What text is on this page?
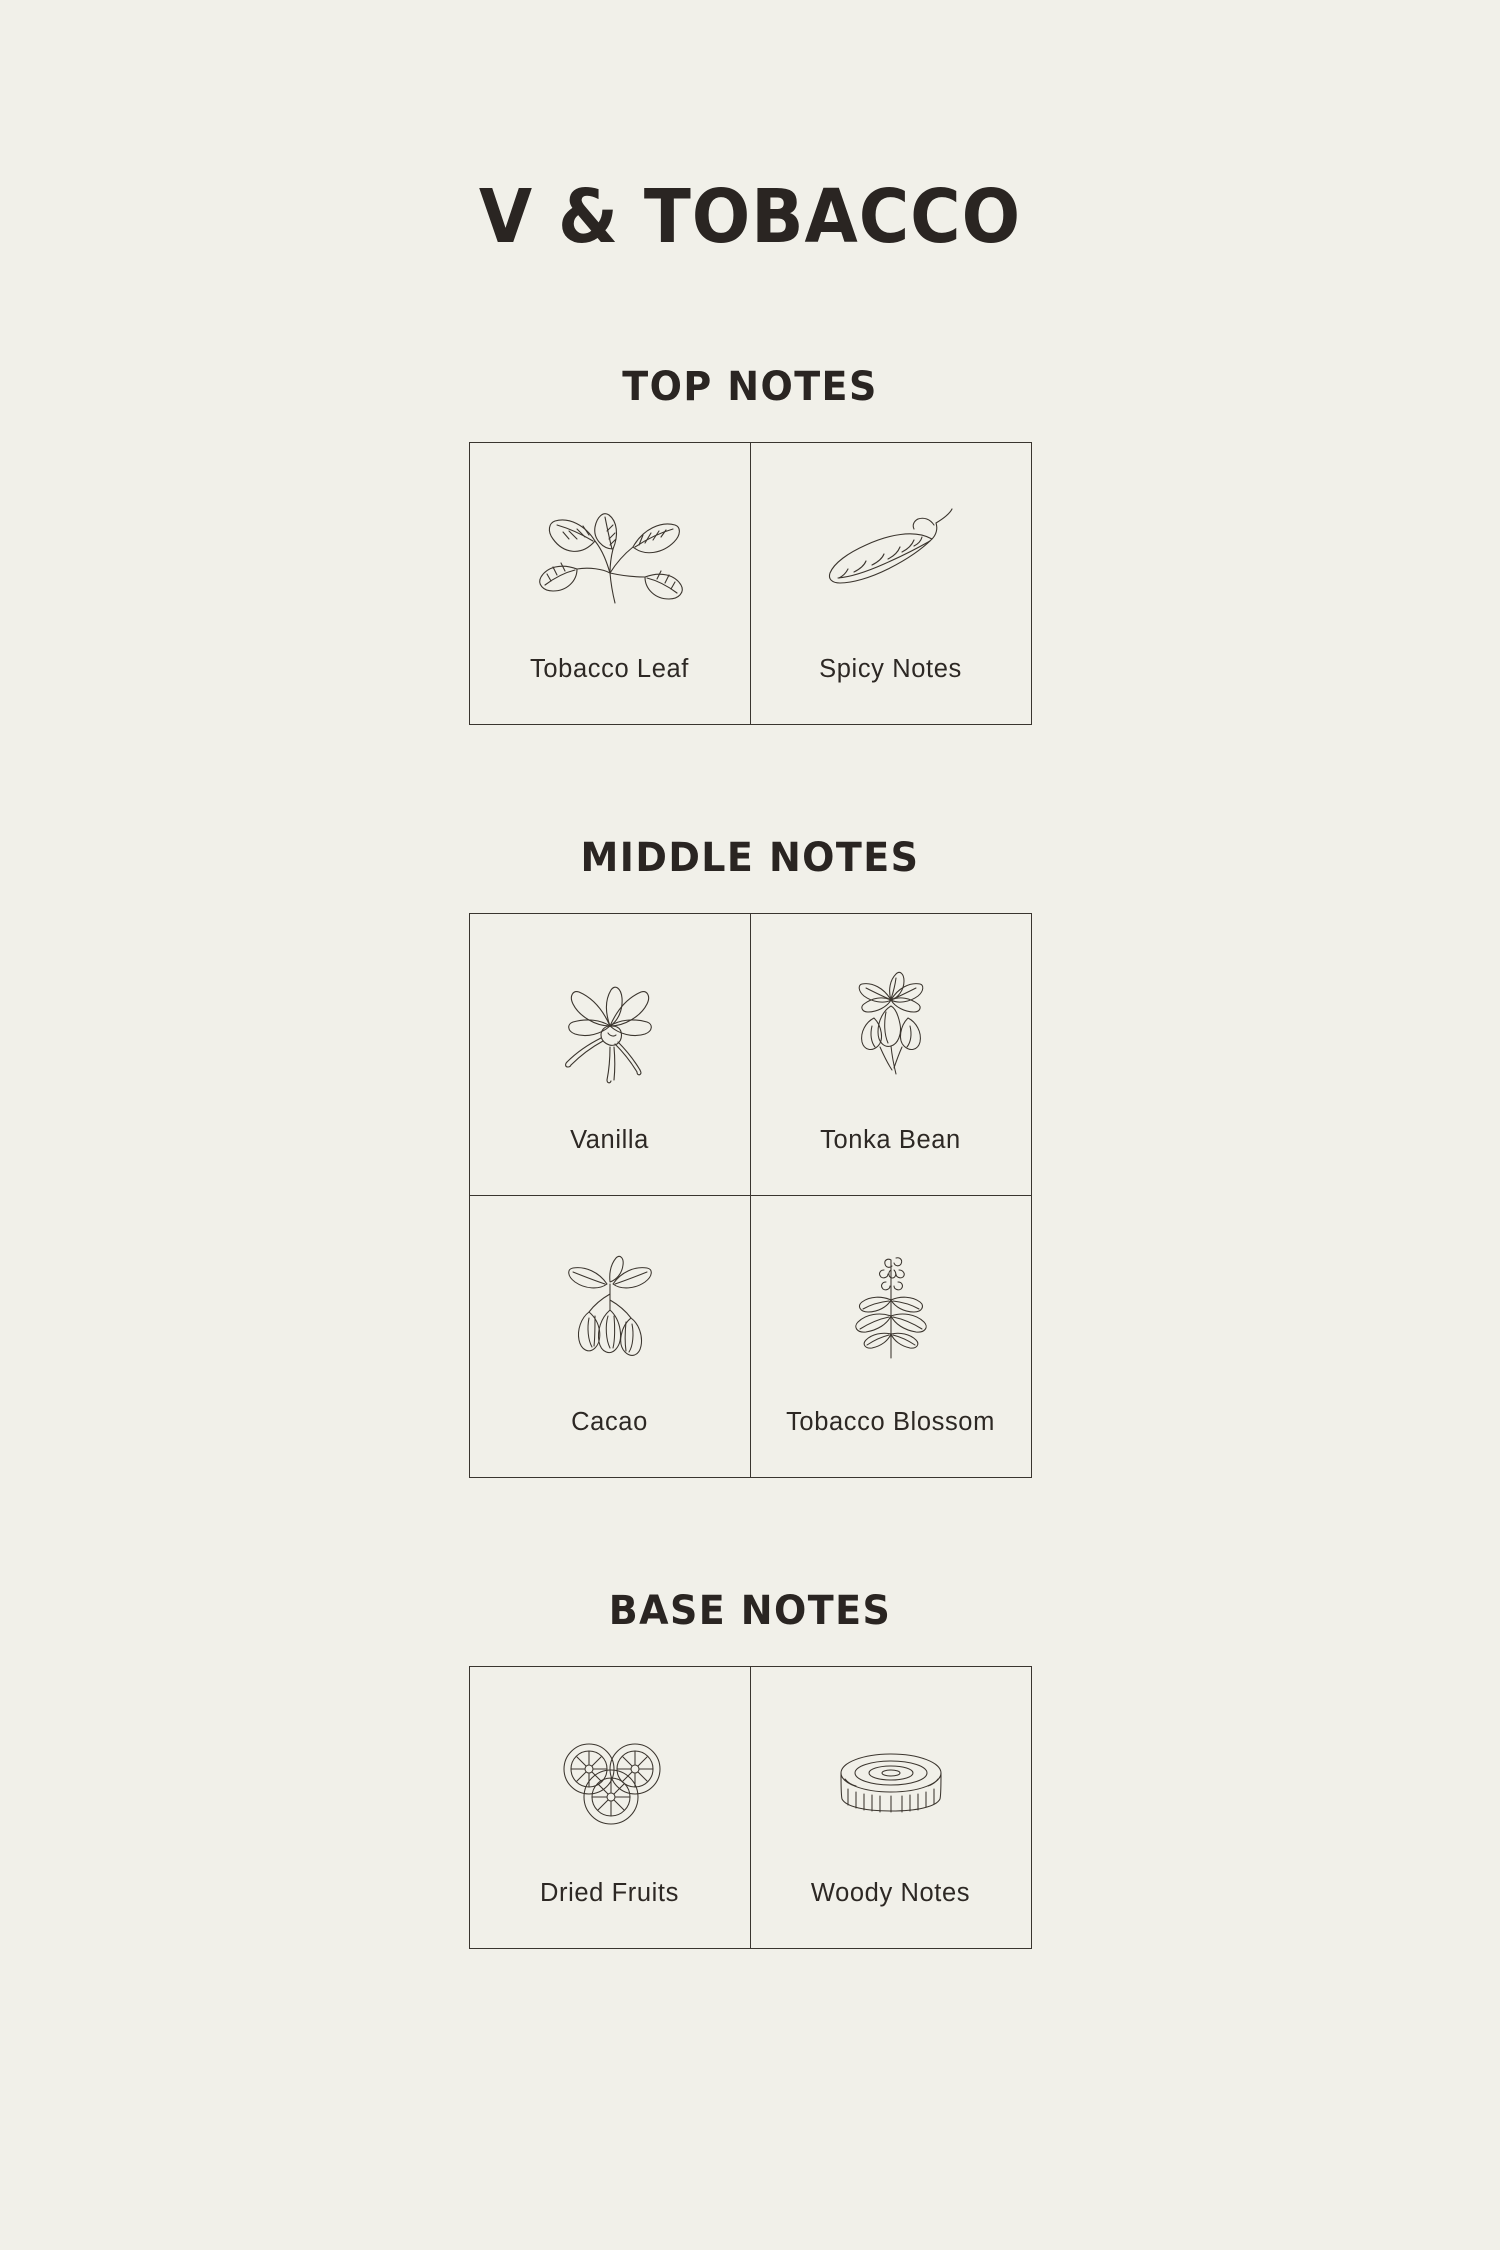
V & TOBACCO
TOP NOTES
Tobacco Leaf	Spicy Notes
MIDDLE NOTES
Vanilla	Tonka Bean
Cacao	Tobacco Blossom
BASE NOTES
Dried Fruits	Woody Notes
